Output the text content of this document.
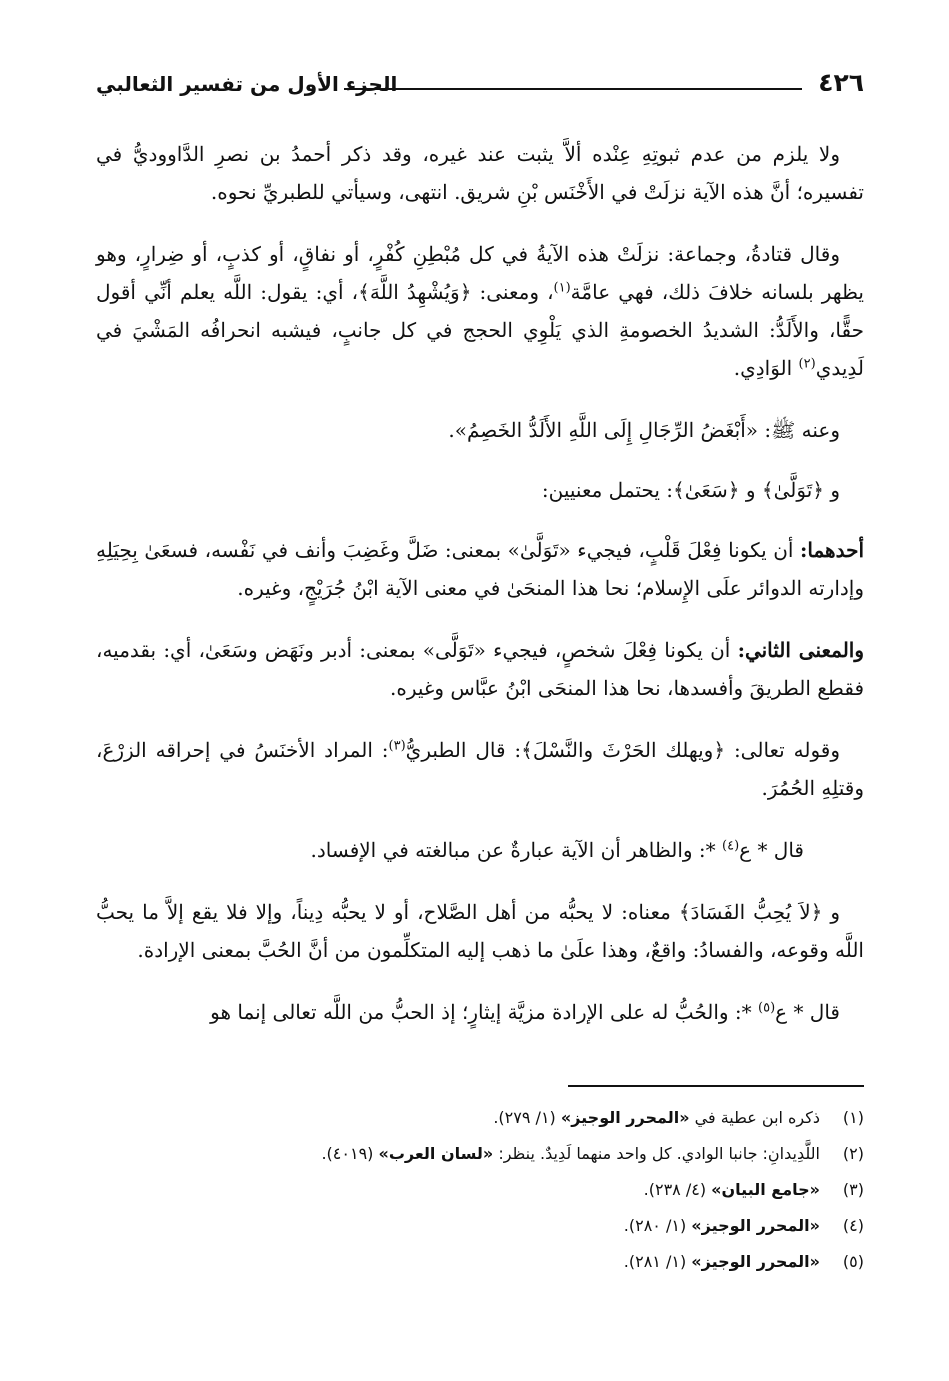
الجزء الأول من تفسير الثعالبي	٤٢٦

ولا يلزم من عدم ثبوتِهِ عِنْده ألاَّ يثبت عند غيره، وقد ذكر أحمدُ بن نصرِ الدَّاووديُّ في تفسيره؛ أنَّ هذه الآية نزلَتْ في الأَخْنَس بْنِ شريق. انتهى، وسيأتي للطبريِّ نحوه.

وقال قتادةُ، وجماعة: نزلَتْ هذه الآيةُ في كل مُبْطِنِ كُفْرٍ، أو نفاقٍ، أو كذبٍ، أو ضِرارٍ، وهو يظهر بلسانه خلافَ ذلك، فهي عامَّة$^{(١)}$، ومعنى: ﴿وَيُشْهِدُ اللَّهَ﴾، أي: يقول: اللَّه يعلم أنِّي أقول حقًّا، والأَلَدُّ: الشديدُ الخصومةِ الذي يَلْوِي الحجج في كل جانبٍ، فيشبه انحرافُه المَشْيَ في لَدِيدي$^{(٢)}$ الوَادِي.

وعنه ﷺ: «أَبْغَضُ الرِّجَالِ إِلَى اللَّهِ الأَلَدُّ الخَصِمُ».

و ﴿تَوَلَّىٰ﴾ و ﴿سَعَىٰ﴾: يحتمل معنيين:

أحدهما: أن يكونا فِعْلَ قَلْبٍ، فيجيء «تَوَلَّىٰ» بمعنى: ضَلَّ وغَضِبَ وأنف في نَفْسه، فسعَىٰ بِحِيَلِهِ وإدارته الدوائر علَى الإِسلام؛ نحا هذا المنحَىٰ في معنى الآية ابْنُ جُرَيْجٍ، وغيره.

والمعنى الثاني: أن يكونا فِعْلَ شخصٍ، فيجيء «تَوَلَّى» بمعنى: أدبر ونَهَض وسَعَىٰ، أي: بقدميه، فقطع الطريقَ وأفسدها، نحا هذا المنحَى ابْنُ عبَّاس وغيره.

وقوله تعالى: ﴿ويهلك الحَرْثَ والنَّسْلَ﴾: قال الطبريُّ$^{(٣)}$: المراد الأخنَسُ في إحراقه الزرْعَ، وقتلِهِ الحُمُرَ.

قال * ع$^{(٤)}$ *: والظاهر أن الآية عبارةٌ عن مبالغته في الإفساد.

و ﴿لاَ يُحِبُّ الفَسَادَ﴾ معناه: لا يحبُّه من أهل الصَّلاح، أو لا يحبُّه دِيناً، وإلا فلا يقع إلاَّ ما يحبُّ اللَّه وقوعه، والفسادُ: واقعٌ، وهذا علَىٰ ما ذهب إليه المتكلِّمون من أنَّ الحُبَّ بمعنى الإرادة.

قال * ع$^{(٥)}$ *: والحُبُّ له على الإرادة مزيَّة إيثارٍ؛ إذ الحبُّ من اللَّه تعالى إنما هو

(١)ذكره ابن عطية في «المحرر الوجيز» (١/ ٢٧٩).
(٢)اللَّدِيدانِ: جانبا الوادي. كل واحد منهما لَدِيدٌ. ينظر: «لسان العرب» (٤٠١٩).
(٣)«جامع البيان» (٤/ ٢٣٨).
(٤)«المحرر الوجيز» (١/ ٢٨٠).
(٥)«المحرر الوجيز» (١/ ٢٨١).
